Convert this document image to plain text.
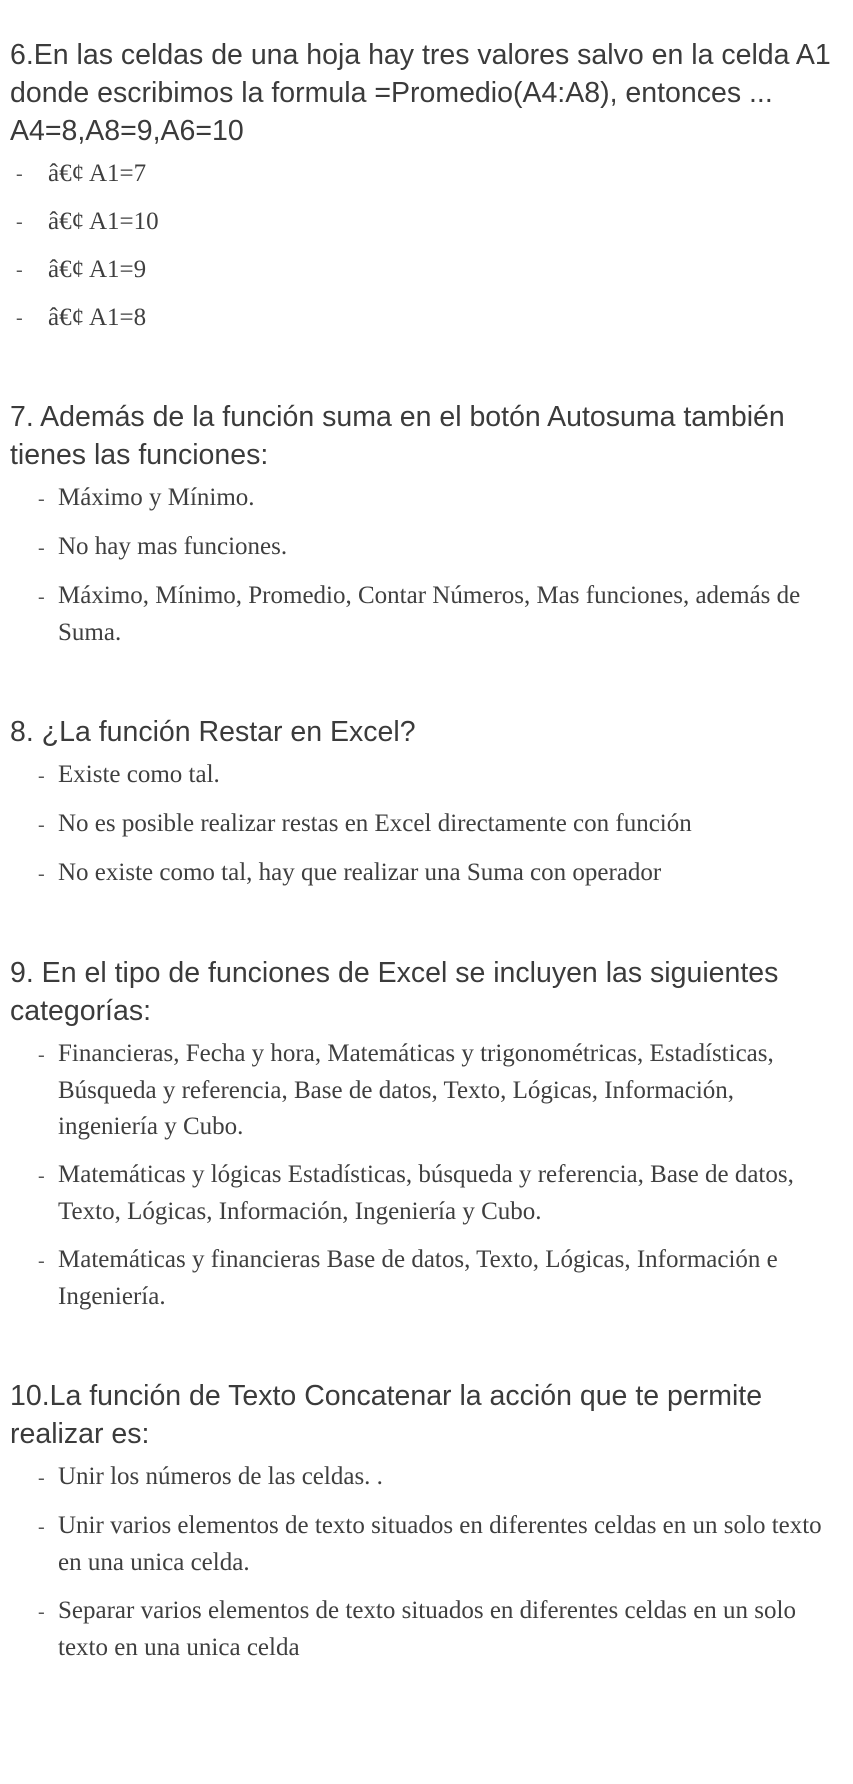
6.En las celdas de una hoja hay tres valores salvo en la celda A1 donde escribimos la formula =Promedio(A4:A8), entonces ... A4=8,A8=9,A6=10

- â€¢ A1=7
- â€¢ A1=10
- â€¢ A1=9
- â€¢ A1=8

7. Además de la función suma en el botón Autosuma también tienes las funciones:

- Máximo y Mínimo.
- No hay mas funciones.
- Máximo, Mínimo, Promedio, Contar Números, Mas funciones, además de Suma.

8. ¿La función Restar en Excel?

- Existe como tal.
- No es posible realizar restas en Excel directamente con función
- No existe como tal, hay que realizar una Suma con operador

9. En el tipo de funciones de Excel se incluyen las siguientes categorías:

- Financieras, Fecha y hora, Matemáticas y trigonométricas, Estadísticas, Búsqueda y referencia, Base de datos, Texto, Lógicas, Información, ingeniería y Cubo.
- Matemáticas y lógicas Estadísticas, búsqueda y referencia, Base de datos, Texto, Lógicas, Información, Ingeniería y Cubo.
- Matemáticas y financieras Base de datos, Texto, Lógicas, Información e Ingeniería.

10.La función de Texto Concatenar la acción que te permite realizar es:

- Unir los números de las celdas. .
- Unir varios elementos de texto situados en diferentes celdas en un solo texto en una unica celda.
- Separar varios elementos de texto situados en diferentes celdas en un solo texto en una unica celda
